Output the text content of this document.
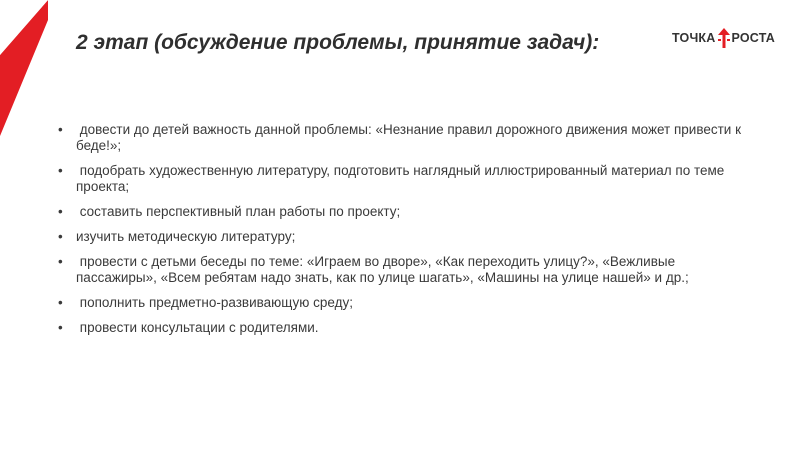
2 этап (обсуждение проблемы, принятие задач):	ТОЧКА РОСТА
• довести до детей важность данной проблемы: «Незнание правил дорожного движения может привести к беде!»;
• подобрать художественную литературу, подготовить наглядный иллюстрированный материал по теме проекта;
• составить перспективный план работы по проекту;
• изучить методическую литературу;
• провести с детьми беседы по теме: «Играем во дворе», «Как переходить улицу?», «Вежливые пассажиры», «Всем ребятам надо знать, как по улице шагать», «Машины на улице нашей» и др.;
• пополнить предметно-развивающую среду;
• провести консультации с родителями.
